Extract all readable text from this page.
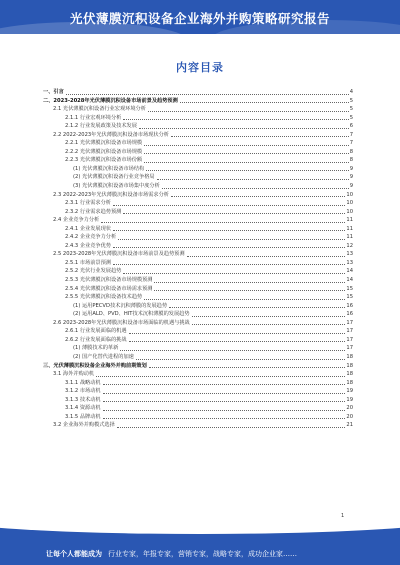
光伏薄膜沉积设备企业海外并购策略研究报告
内容目录
一、引言	4
二、2023-2028年光伏薄膜沉积设备市场前景及趋势预测	5
2.1 光伏薄膜沉积设备行业宏观环境分析	5
2.1.1 行业宏观环境分析	5
2.1.2 行业发展政策及技术发展	6
2.2 2022-2023年光伏薄膜沉积设备市场现状分析	7
2.2.1 光伏薄膜沉积设备市场规模	7
2.2.2 光伏薄膜沉积设备市场规模	8
2.2.3 光伏薄膜沉积设备市场份额	8
(1) 光伏薄膜沉积设备市场结构	9
(2) 光伏薄膜沉积设备行业竞争格局	9
(3) 光伏薄膜沉积设备市场集中度分析	9
2.3 2022-2023年光伏薄膜沉积设备市场需求分析	10
2.3.1 行业需求分析	10
2.3.2 行业需求趋势预测	10
2.4 企业竞争力分析	11
2.4.1 企业发展现状	11
2.4.2 企业竞争力分析	11
2.4.3 企业竞争优势	12
2.5 2023-2028年光伏薄膜沉积设备市场前景及趋势预测	13
2.5.1 市场前景预测	13
2.5.2 光伏行业发展趋势	14
2.5.3 光伏薄膜沉积设备市场规模预测	14
2.5.4 光伏薄膜沉积设备市场需求预测	15
2.5.5 光伏薄膜沉积设备技术趋势	15
(1) 运用PECVD技术沉积薄膜的发展趋势	16
(2) 运用ALD、PVD、HIT技术沉积薄膜的发展趋势	16
2.6 2023-2028年光伏薄膜沉积设备市场面临的机遇与挑战	17
2.6.1 行业发展面临的机遇	17
2.6.2 行业发展面临的挑战	17
(1) 薄膜技术的革新	17
(2) 国产化替代进程的加速	18
三、光伏薄膜沉积设备企业海外并购前期策划	18
3.1 海外并购动机	18
3.1.1 战略动机	18
3.1.2 市场动机	19
3.1.3 技术动机	19
3.1.4 资源动机	20
3.1.5 品牌动机	20
3.2 企业海外并购模式选择	21
1
让每个人都能成为 行业专家，年报专家，营销专家，战略专家，成功企业家……
